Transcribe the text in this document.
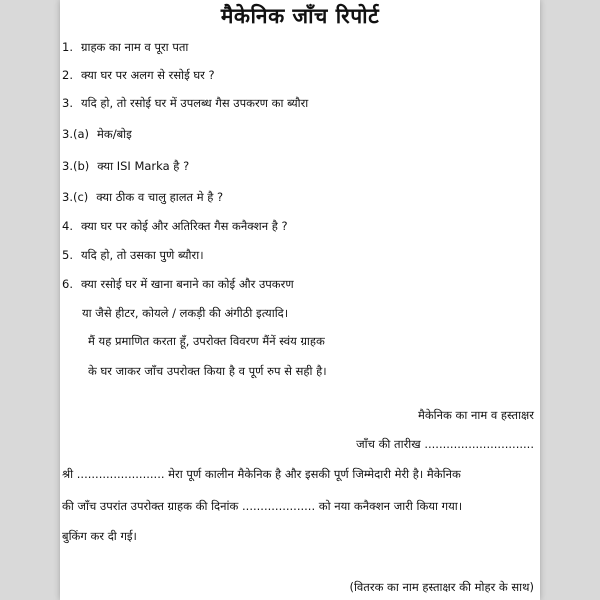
मैकेनिक जाँच रिपोर्ट
1. ग्राहक का नाम व पूरा पता
2. क्या घर पर अलग से रसोई घर ?
3. यदि हो, तो रसोई घर में उपलब्ध गैस उपकरण का ब्यौरा
3.(a) मेक/बोइ
3.(b) क्या ISI Marka है ?
3.(c) क्या ठीक व चालु हालत मे है ?
4. क्या घर पर कोई और अतिरिक्त गैस कनैक्शन है ?
5. यदि हो, तो उसका पुणे ब्यौरा।
6. क्या रसोई घर में खाना बनाने का कोई और उपकरण
या जैसे हीटर, कोयले / लकड़ी की अंगीठी इत्यादि।
मैं यह प्रमाणित करता हूँ, उपरोक्त विवरण मैंनें स्वंय ग्राहक
के घर जाकर जाँच उपरोक्त किया है व पूर्ण रुप से सही है।
मैकेनिक का नाम व हस्ताक्षर
जाँच की तारीख ..............................
श्री ........................ मेरा पूर्ण कालीन मैकेनिक है और इसकी पूर्ण जिम्मेदारी मेरी है। मैकेनिक
की जाँच उपरांत उपरोक्त ग्राहक की दिनांक .................... को नया कनैक्शन जारी किया गया।
बुकिंग कर दी गई।
(वितरक का नाम हस्ताक्षर की मोहर के साथ)
